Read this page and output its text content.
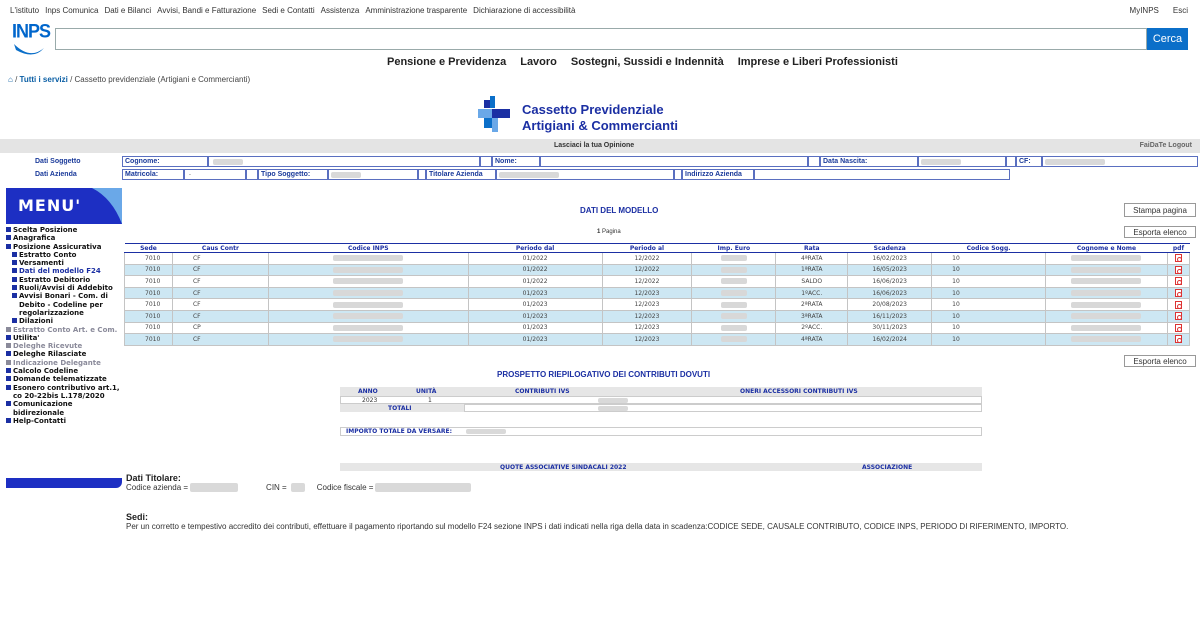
L'istituto Inps Comunica Dati e Bilanci Avvisi, Bandi e Fatturazione Sedi e Contatti Assistenza Amministrazione trasparente Dichiarazione di accessibilità	MyINPS Esci
INPS	Cerca
Pensione e Previdenza Lavoro Sostegni, Sussidi e Indennità Imprese e Liberi Professionisti
⌂ / Tutti i servizi / Cassetto previdenziale (Artigiani e Commercianti)
Cassetto Previdenziale
Artigiani & Commercianti
Lasciaci la tua Opinione	FaiDaTe Logout
Dati Soggetto	Cognome:	Nome:	Data Nascita:	CF:
Dati Azienda	Matricola:	.	Tipo Soggetto:	Titolare Azienda	Indirizzo Azienda
MENU'
Scelta Posizione
Anagrafica
Posizione Assicurativa
Estratto Conto
Versamenti
Dati del modello F24
Estratto Debitorio
Ruoli/Avvisi di Addebito
Avvisi Bonari - Com. di Debito - Codeline per regolarizzazione
Dilazioni
Estratto Conto Art. e Com.
Utilita'
Deleghe Ricevute
Deleghe Rilasciate
Indicazione Delegante
Calcolo Codeline
Domande telematizzate
Esonero contributivo art.1, co 20-22bis L.178/2020
Comunicazione bidirezionale
Help-Contatti
DATI DEL MODELLO	Stampa pagina
Esporta elenco
1 Pagina
Sede	Caus Contr	Codice INPS	Periodo dal	Periodo al	Imp. Euro	Rata	Scadenza	Codice Sogg.	Cognome e Nome	pdf
7010	CF		01/2022	12/2022		4ªRATA	16/02/2023	10		
7010	CF		01/2022	12/2022		1ªRATA	16/05/2023	10		
7010	CF		01/2022	12/2022		SALDO	16/06/2023	10		
7010	CF		01/2023	12/2023		1ºACC.	16/06/2023	10		
7010	CF		01/2023	12/2023		2ªRATA	20/08/2023	10		
7010	CF		01/2023	12/2023		3ªRATA	16/11/2023	10		
7010	CP		01/2023	12/2023		2ºACC.	30/11/2023	10		
7010	CF		01/2023	12/2023		4ªRATA	16/02/2024	10		
Esporta elenco
PROSPETTO RIEPILOGATIVO DEI CONTRIBUTI DOVUTI
ANNO	UNITÀ	CONTRIBUTI IVS	ONERI ACCESSORI CONTRIBUTI IVS
2023	1
TOTALI
IMPORTO TOTALE DA VERSARE:
QUOTE ASSOCIATIVE SINDACALI 2022	ASSOCIAZIONE
Dati Titolare:
Codice azienda =	CIN =	Codice fiscale =
Sedi:
Per un corretto e tempestivo accredito dei contributi, effettuare il pagamento riportando sul modello F24 sezione INPS i dati indicati nella riga della data in scadenza:CODICE SEDE, CAUSALE CONTRIBUTO, CODICE INPS, PERIODO DI RIFERIMENTO, IMPORTO.
